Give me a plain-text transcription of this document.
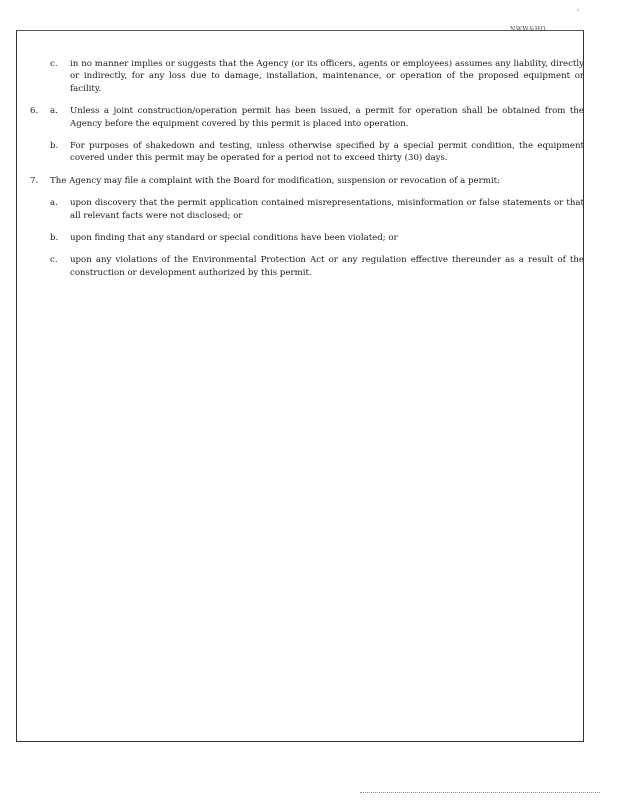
'
NWW&HO
c. in no manner implies or suggests that the Agency (or its officers, agents or employees) assumes any liability, directly or indirectly, for any loss due to damage, installation, maintenance, or operation of the proposed equipment or facility.
6. a. Unless a joint construction/operation permit has been issued, a permit for operation shall be obtained from the Agency before the equipment covered by this permit is placed into operation.
b. For purposes of shakedown and testing, unless otherwise specified by a special permit condition, the equipment covered under this permit may be operated for a period not to exceed thirty (30) days.
7. The Agency may file a complaint with the Board for modification, suspension or revocation of a permit:
a. upon discovery that the permit application contained misrepresentations, misinformation or false statements or that all relevant facts were not disclosed; or
b. upon finding that any standard or special conditions have been violated; or
c. upon any violations of the Environmental Protection Act or any regulation effective thereunder as a result of the construction or development authorized by this permit.
